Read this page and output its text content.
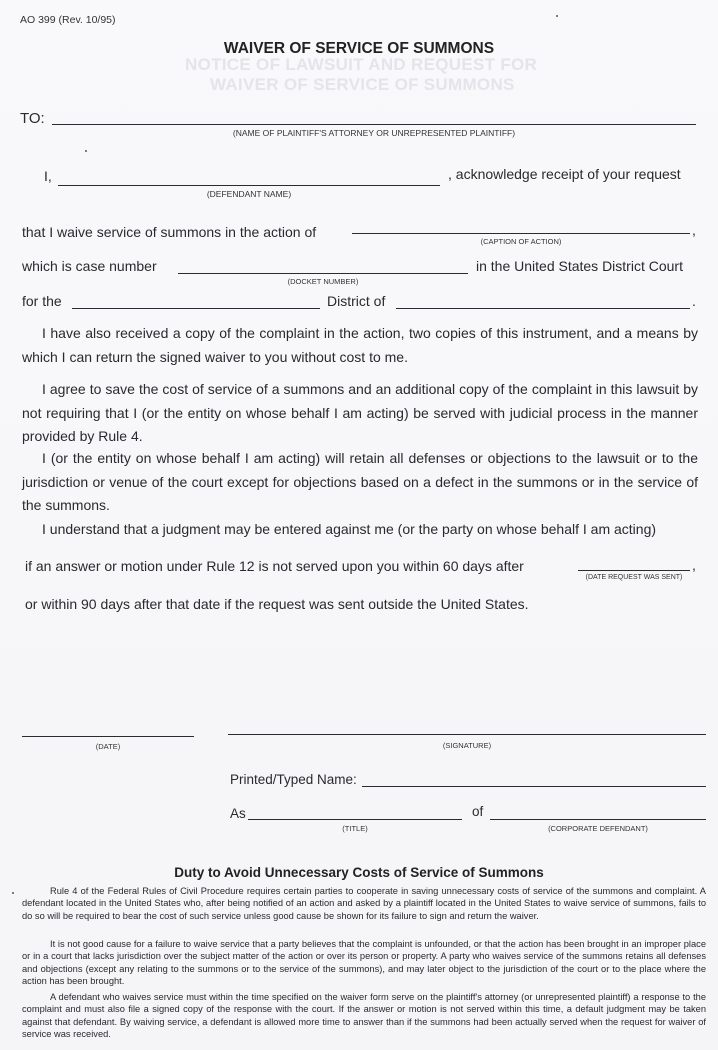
NOTICE OF LAWSUIT AND REQUEST FOR
WAIVER OF SERVICE OF SUMMONS
AO 399 (Rev. 10/95)
WAIVER OF SERVICE OF SUMMONS
TO:
(NAME OF PLAINTIFF'S ATTORNEY OR UNREPRESENTED PLAINTIFF)
I,
(DEFENDANT NAME)
, acknowledge receipt of your request
that I waive service of summons in the action of
(CAPTION OF ACTION)
,
which is case number
(DOCKET NUMBER)
in the United States District Court
for the	District of	.
I have also received a copy of the complaint in the action, two copies of this instrument, and a means by which I can return the signed waiver to you without cost to me.
I agree to save the cost of service of a summons and an additional copy of the complaint in this lawsuit by not requiring that I (or the entity on whose behalf I am acting) be served with judicial process in the manner provided by Rule 4.
I (or the entity on whose behalf I am acting) will retain all defenses or objections to the lawsuit or to the jurisdiction or venue of the court except for objections based on a defect in the summons or in the service of the summons.
I understand that a judgment may be entered against me (or the party on whose behalf I am acting)
if an answer or motion under Rule 12 is not served upon you within 60 days after
(DATE REQUEST WAS SENT)
,
or within 90 days after that date if the request was sent outside the United States.
(DATE)	(SIGNATURE)
Printed/Typed Name:
As
(TITLE)
of
(CORPORATE DEFENDANT)
Duty to Avoid Unnecessary Costs of Service of Summons
Rule 4 of the Federal Rules of Civil Procedure requires certain parties to cooperate in saving unnecessary costs of service of the summons and complaint. A defendant located in the United States who, after being notified of an action and asked by a plaintiff located in the United States to waive service of summons, fails to do so will be required to bear the cost of such service unless good cause be shown for its failure to sign and return the waiver.
It is not good cause for a failure to waive service that a party believes that the complaint is unfounded, or that the action has been brought in an improper place or in a court that lacks jurisdiction over the subject matter of the action or over its person or property. A party who waives service of the summons retains all defenses and objections (except any relating to the summons or to the service of the summons), and may later object to the jurisdiction of the court or to the place where the action has been brought.
A defendant who waives service must within the time specified on the waiver form serve on the plaintiff's attorney (or unrepresented plaintiff) a response to the complaint and must also file a signed copy of the response with the court. If the answer or motion is not served within this time, a default judgment may be taken against that defendant. By waiving service, a defendant is allowed more time to answer than if the summons had been actually served when the request for waiver of service was received.
